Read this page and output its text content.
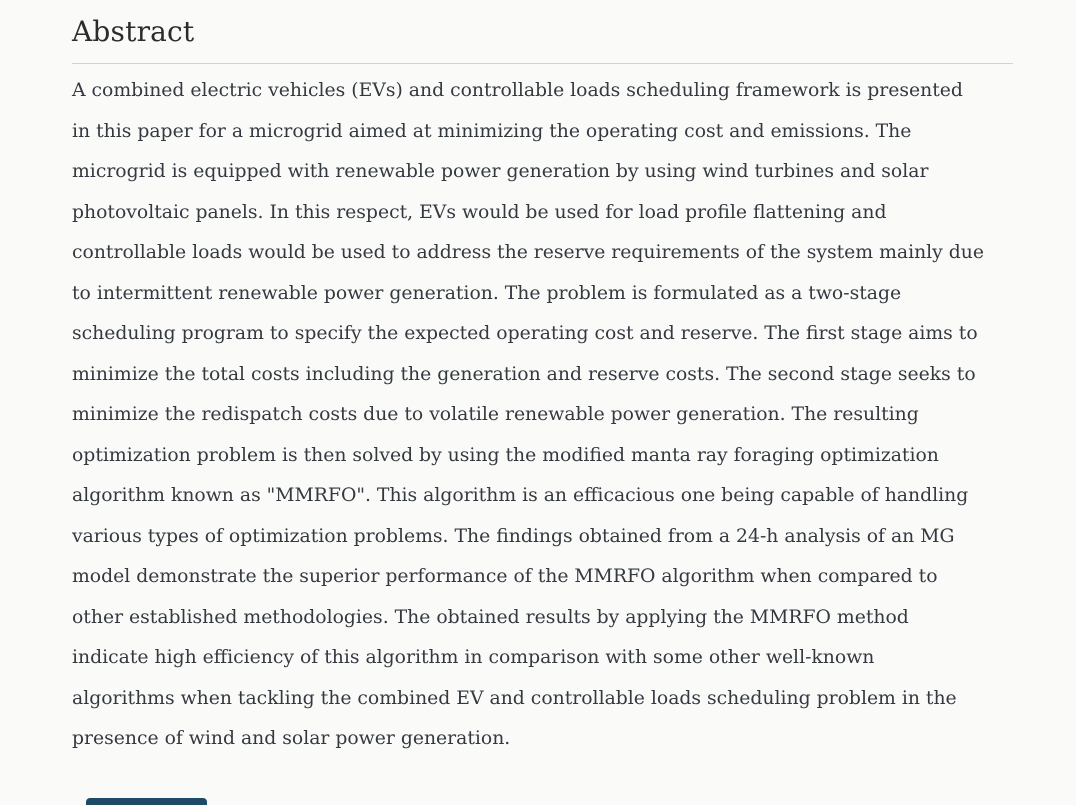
Abstract
A combined electric vehicles (EVs) and controllable loads scheduling framework is presented
in this paper for a microgrid aimed at minimizing the operating cost and emissions. The
microgrid is equipped with renewable power generation by using wind turbines and solar
photovoltaic panels. In this respect, EVs would be used for load profile flattening and
controllable loads would be used to address the reserve requirements of the system mainly due
to intermittent renewable power generation. The problem is formulated as a two-stage
scheduling program to specify the expected operating cost and reserve. The first stage aims to
minimize the total costs including the generation and reserve costs. The second stage seeks to
minimize the redispatch costs due to volatile renewable power generation. The resulting
optimization problem is then solved by using the modified manta ray foraging optimization
algorithm known as "MMRFO". This algorithm is an efficacious one being capable of handling
various types of optimization problems. The findings obtained from a 24-h analysis of an MG
model demonstrate the superior performance of the MMRFO algorithm when compared to
other established methodologies. The obtained results by applying the MMRFO method
indicate high efficiency of this algorithm in comparison with some other well-known
algorithms when tackling the combined EV and controllable loads scheduling problem in the
presence of wind and solar power generation.
